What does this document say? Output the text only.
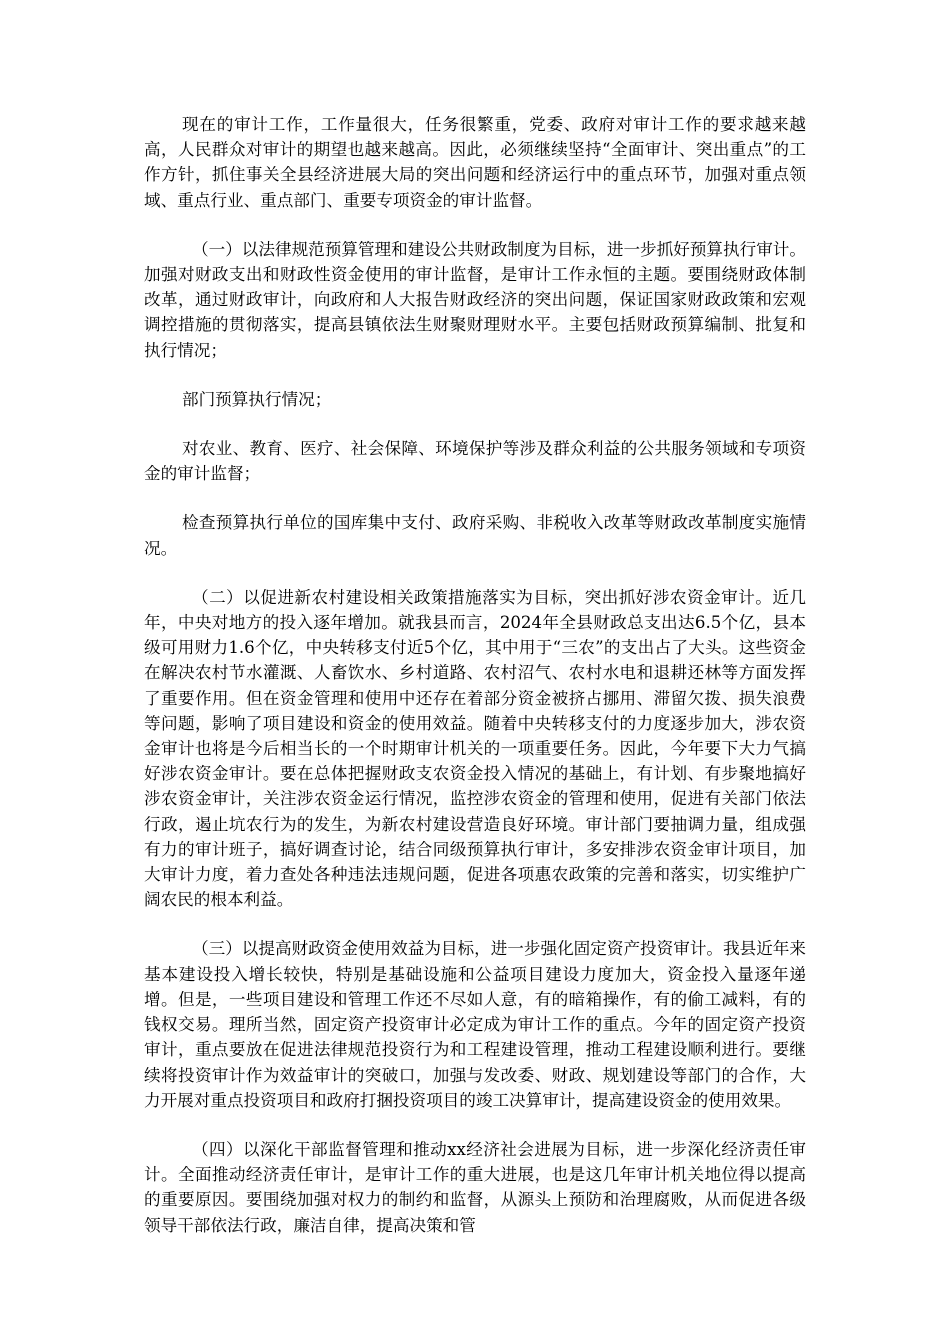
现在的审计工作，工作量很大，任务很繁重，党委、政府对审计工作的要求越来越高，人民群众对审计的期望也越来越高。因此，必须继续坚持“全面审计、突出重点”的工作方针，抓住事关全县经济进展大局的突出问题和经济运行中的重点环节，加强对重点领域、重点行业、重点部门、重要专项资金的审计监督。

（一）以法律规范预算管理和建设公共财政制度为目标，进一步抓好预算执行审计。加强对财政支出和财政性资金使用的审计监督，是审计工作永恒的主题。要围绕财政体制改革，通过财政审计，向政府和人大报告财政经济的突出问题，保证国家财政政策和宏观调控措施的贯彻落实，提高县镇依法生财聚财理财水平。主要包括财政预算编制、批复和执行情况；

部门预算执行情况；

对农业、教育、医疗、社会保障、环境保护等涉及群众利益的公共服务领域和专项资金的审计监督；

检查预算执行单位的国库集中支付、政府采购、非税收入改革等财政改革制度实施情况。

（二）以促进新农村建设相关政策措施落实为目标，突出抓好涉农资金审计。近几年，中央对地方的投入逐年增加。就我县而言，2024年全县财政总支出达6.5个亿，县本级可用财力1.6个亿，中央转移支付近5个亿，其中用于“三农”的支出占了大头。这些资金在解决农村节水灌溉、人畜饮水、乡村道路、农村沼气、农村水电和退耕还林等方面发挥了重要作用。但在资金管理和使用中还存在着部分资金被挤占挪用、滞留欠拨、损失浪费等问题，影响了项目建设和资金的使用效益。随着中央转移支付的力度逐步加大，涉农资金审计也将是今后相当长的一个时期审计机关的一项重要任务。因此，今年要下大力气搞好涉农资金审计。要在总体把握财政支农资金投入情况的基础上，有计划、有步聚地搞好涉农资金审计，关注涉农资金运行情况，监控涉农资金的管理和使用，促进有关部门依法行政，遏止坑农行为的发生，为新农村建设营造良好环境。审计部门要抽调力量，组成强有力的审计班子，搞好调查讨论，结合同级预算执行审计，多安排涉农资金审计项目，加大审计力度，着力查处各种违法违规问题，促进各项惠农政策的完善和落实，切实维护广阔农民的根本利益。

（三）以提高财政资金使用效益为目标，进一步强化固定资产投资审计。我县近年来基本建设投入增长较快，特别是基础设施和公益项目建设力度加大，资金投入量逐年递增。但是，一些项目建设和管理工作还不尽如人意，有的暗箱操作，有的偷工减料，有的钱权交易。理所当然，固定资产投资审计必定成为审计工作的重点。今年的固定资产投资审计，重点要放在促进法律规范投资行为和工程建设管理，推动工程建设顺利进行。要继续将投资审计作为效益审计的突破口，加强与发改委、财政、规划建设等部门的合作，大力开展对重点投资项目和政府打捆投资项目的竣工决算审计，提高建设资金的使用效果。

（四）以深化干部监督管理和推动xx经济社会进展为目标，进一步深化经济责任审计。全面推动经济责任审计，是审计工作的重大进展，也是这几年审计机关地位得以提高的重要原因。要围绕加强对权力的制约和监督，从源头上预防和治理腐败，从而促进各级领导干部依法行政，廉洁自律，提高决策和管
